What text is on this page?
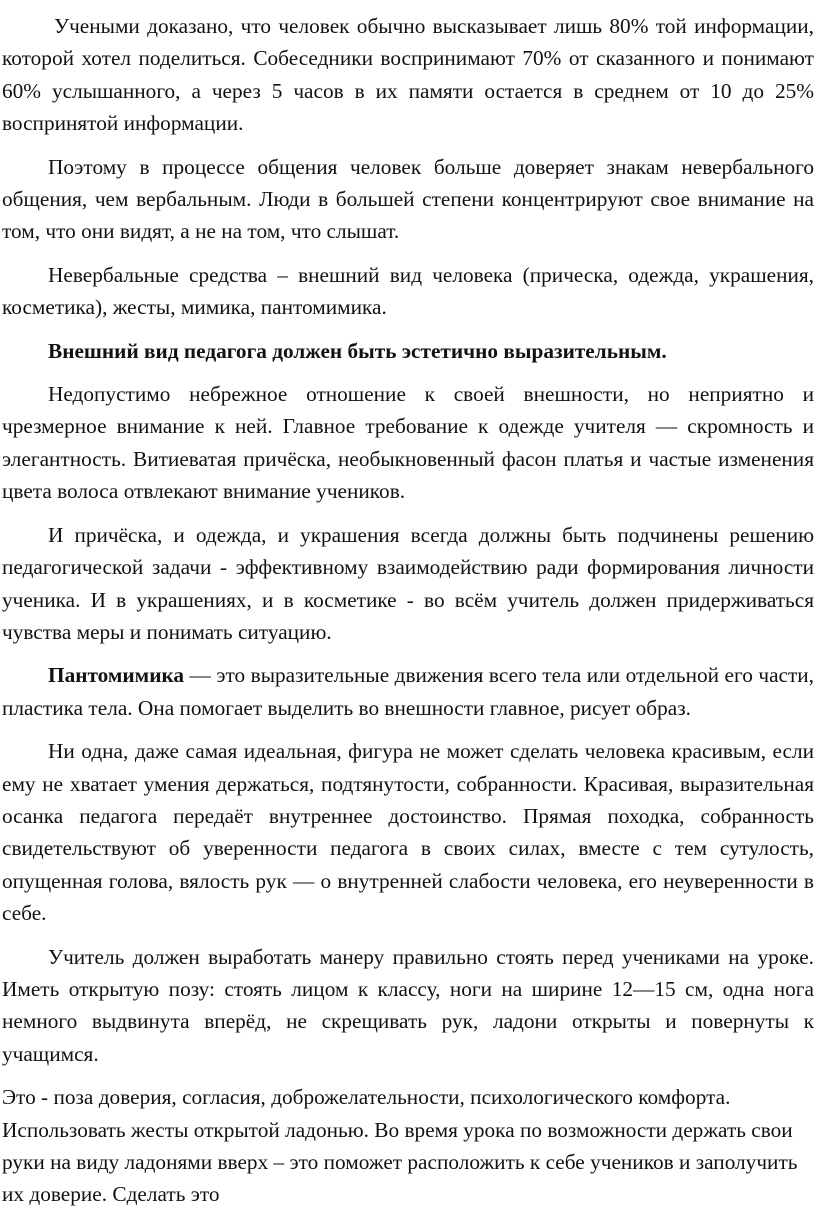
Учеными доказано, что человек обычно высказывает лишь 80% той информации, которой хотел поделиться. Собеседники воспринимают 70% от сказанного и понимают 60% услышанного, а через 5 часов в их памяти остается в среднем от 10 до 25% воспринятой информации.

Поэтому в процессе общения человек больше доверяет знакам невербального общения, чем вербальным. Люди в большей степени концентрируют свое внимание на том, что они видят, а не на том, что слышат.

Невербальные средства – внешний вид человека (прическа, одежда, украшения, косметика), жесты, мимика, пантомимика.

Внешний вид педагога должен быть эстетично выразительным.

Недопустимо небрежное отношение к своей внешности, но неприятно и чрезмерное внимание к ней. Главное требование к одежде учителя — скромность и элегантность. Витиеватая причёска, необыкновенный фасон платья и частые изменения цвета волоса отвлекают внимание учеников.

И причёска, и одежда, и украшения всегда должны быть подчинены решению педагогической задачи - эффективному взаимодействию ради формирования личности ученика. И в украшениях, и в косметике - во всём учитель должен придерживаться чувства меры и понимать ситуацию.

Пантомимика — это выразительные движения всего тела или отдельной его части, пластика тела. Она помогает выделить во внешности главное, рисует образ.

Ни одна, даже самая идеальная, фигура не может сделать человека красивым, если ему не хватает умения держаться, подтянутости, собранности. Красивая, выразительная осанка педагога передаёт внутреннее достоинство. Прямая походка, собранность свидетельствуют об уверенности педагога в своих силах, вместе с тем сутулость, опущенная голова, вялость рук — о внутренней слабости человека, его неуверенности в себе.

Учитель должен выработать манеру правильно стоять перед учениками на уроке. Иметь открытую позу: стоять лицом к классу, ноги на ширине 12—15 см, одна нога немного выдвинута вперёд, не скрещивать рук, ладони открыты и повернуты к учащимся.

Это - поза доверия, согласия, доброжелательности, психологического комфорта. Использовать жесты открытой ладонью. Во время урока по возможности держать свои руки на виду ладонями вверх – это поможет расположить к себе учеников и заполучить их доверие. Сделать это
